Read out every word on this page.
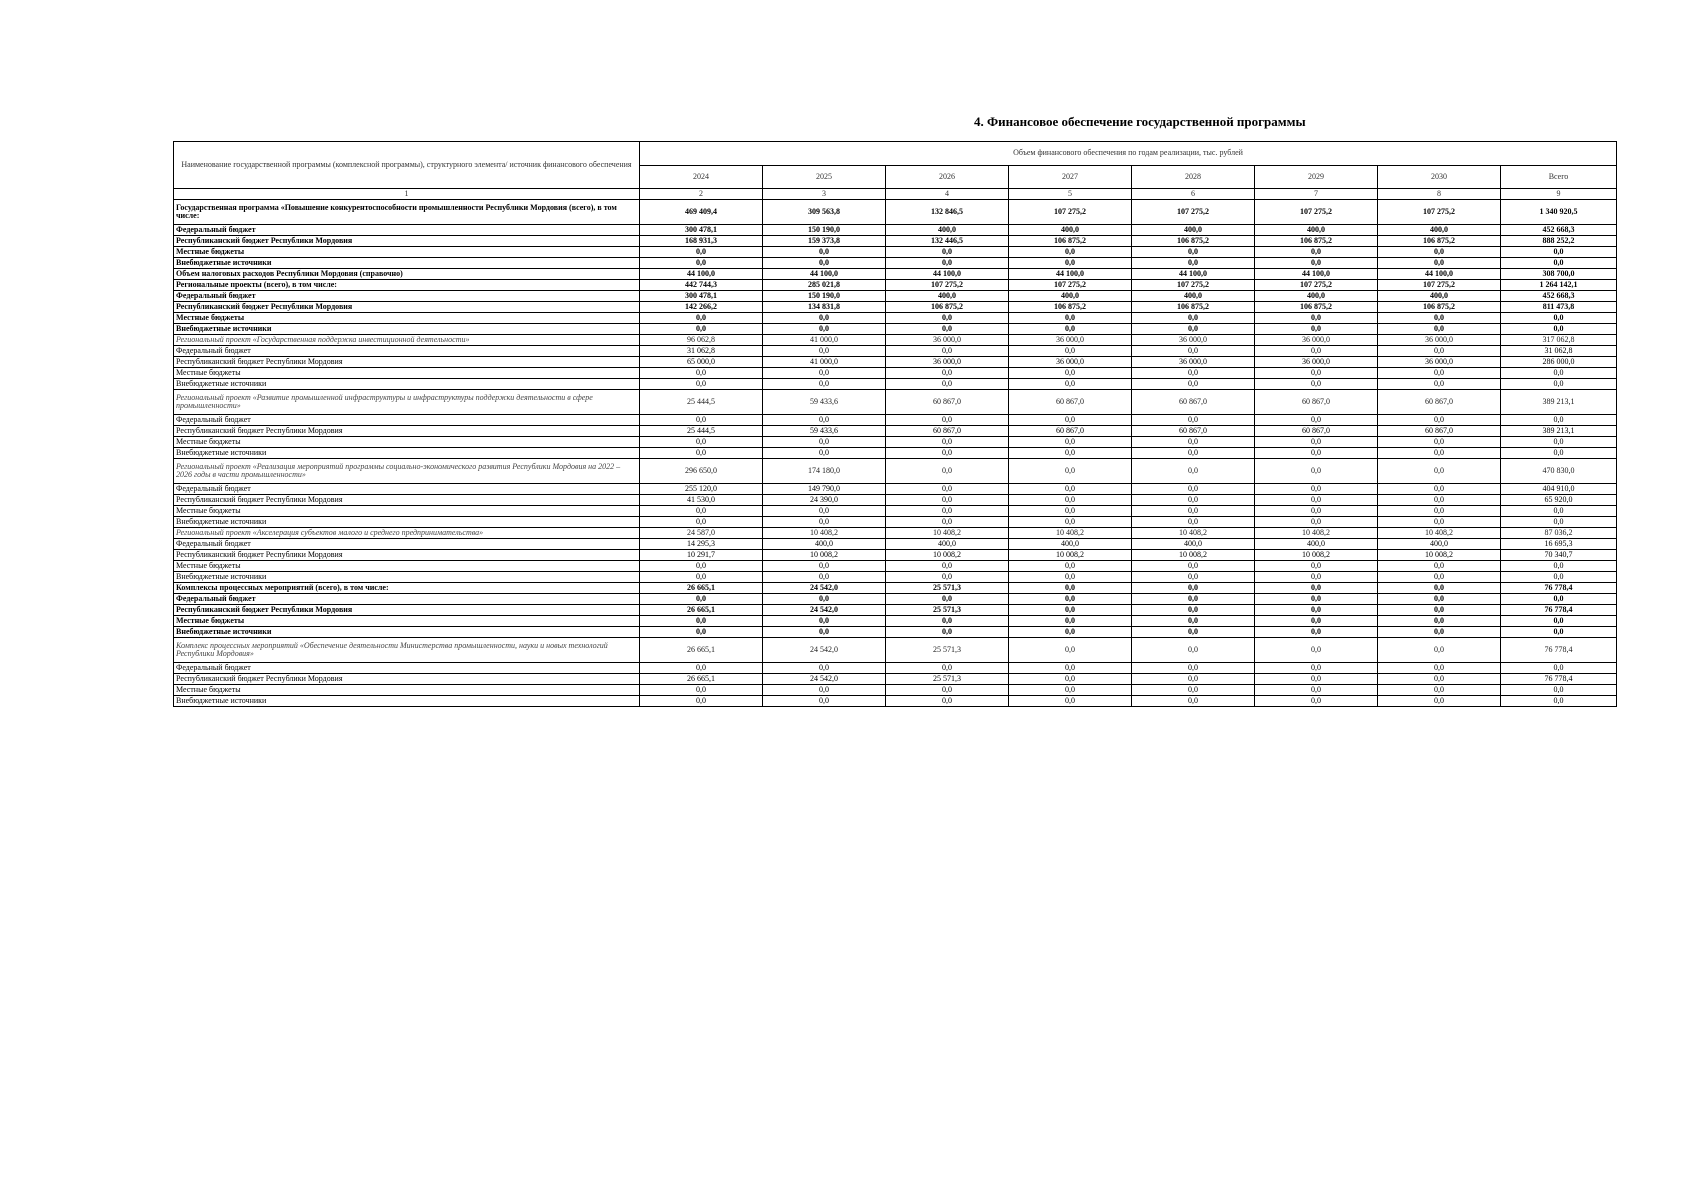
4. Финансовое обеспечение государственной программы
Наименование государственной программы (комплексной программы), структурного элемента/ источник финансового обеспечения	Объем финансового обеспечения по годам реализации, тыс. рублей							
	2024	2025	2026	2027	2028	2029	2030	Всего
1	2	3	4	5	6	7	8	9
Государственная программа «Повышение конкурентоспособности промышленности Республики Мордовия (всего), в том числе:	469 409,4	309 563,8	132 846,5	107 275,2	107 275,2	107 275,2	107 275,2	1 340 920,5
Федеральный бюджет	300 478,1	150 190,0	400,0	400,0	400,0	400,0	400,0	452 668,3
Республиканский бюджет Республики Мордовия	168 931,3	159 373,8	132 446,5	106 875,2	106 875,2	106 875,2	106 875,2	888 252,2
Местные бюджеты	0,0	0,0	0,0	0,0	0,0	0,0	0,0	0,0
Внебюджетные источники	0,0	0,0	0,0	0,0	0,0	0,0	0,0	0,0
Объем налоговых расходов Республики Мордовия (справочно)	44 100,0	44 100,0	44 100,0	44 100,0	44 100,0	44 100,0	44 100,0	308 700,0
Региональные проекты (всего), в том числе:	442 744,3	285 021,8	107 275,2	107 275,2	107 275,2	107 275,2	107 275,2	1 264 142,1
Федеральный бюджет	300 478,1	150 190,0	400,0	400,0	400,0	400,0	400,0	452 668,3
Республиканский бюджет Республики Мордовия	142 266,2	134 831,8	106 875,2	106 875,2	106 875,2	106 875,2	106 875,2	811 473,8
Местные бюджеты	0,0	0,0	0,0	0,0	0,0	0,0	0,0	0,0
Внебюджетные источники	0,0	0,0	0,0	0,0	0,0	0,0	0,0	0,0
Региональный проект «Государственная поддержка инвестиционной деятельности»	96 062,8	41 000,0	36 000,0	36 000,0	36 000,0	36 000,0	36 000,0	317 062,8
Федеральный бюджет	31 062,8	0,0	0,0	0,0	0,0	0,0	0,0	31 062,8
Республиканский бюджет Республики Мордовия	65 000,0	41 000,0	36 000,0	36 000,0	36 000,0	36 000,0	36 000,0	286 000,0
Местные бюджеты	0,0	0,0	0,0	0,0	0,0	0,0	0,0	0,0
Внебюджетные источники	0,0	0,0	0,0	0,0	0,0	0,0	0,0	0,0
Региональный проект «Развитие промышленной инфраструктуры и инфраструктуры поддержки деятельности в сфере промышленности»	25 444,5	59 433,6	60 867,0	60 867,0	60 867,0	60 867,0	60 867,0	389 213,1
Федеральный бюджет	0,0	0,0	0,0	0,0	0,0	0,0	0,0	0,0
Республиканский бюджет Республики Мордовия	25 444,5	59 433,6	60 867,0	60 867,0	60 867,0	60 867,0	60 867,0	389 213,1
Местные бюджеты	0,0	0,0	0,0	0,0	0,0	0,0	0,0	0,0
Внебюджетные источники	0,0	0,0	0,0	0,0	0,0	0,0	0,0	0,0
Региональный проект «Реализация мероприятий программы социально-экономического развития Республики Мордовия на 2022 – 2026 годы в части промышленности»	296 650,0	174 180,0	0,0	0,0	0,0	0,0	0,0	470 830,0
Федеральный бюджет	255 120,0	149 790,0	0,0	0,0	0,0	0,0	0,0	404 910,0
Республиканский бюджет Республики Мордовия	41 530,0	24 390,0	0,0	0,0	0,0	0,0	0,0	65 920,0
Местные бюджеты	0,0	0,0	0,0	0,0	0,0	0,0	0,0	0,0
Внебюджетные источники	0,0	0,0	0,0	0,0	0,0	0,0	0,0	0,0
Региональный проект «Акселерация субъектов малого и среднего предпринимательства»	24 587,0	10 408,2	10 408,2	10 408,2	10 408,2	10 408,2	10 408,2	87 036,2
Федеральный бюджет	14 295,3	400,0	400,0	400,0	400,0	400,0	400,0	16 695,3
Республиканский бюджет Республики Мордовия	10 291,7	10 008,2	10 008,2	10 008,2	10 008,2	10 008,2	10 008,2	70 340,7
Местные бюджеты	0,0	0,0	0,0	0,0	0,0	0,0	0,0	0,0
Внебюджетные источники	0,0	0,0	0,0	0,0	0,0	0,0	0,0	0,0
Комплексы процессных мероприятий (всего), в том числе:	26 665,1	24 542,0	25 571,3	0,0	0,0	0,0	0,0	76 778,4
Федеральный бюджет	0,0	0,0	0,0	0,0	0,0	0,0	0,0	0,0
Республиканский бюджет Республики Мордовия	26 665,1	24 542,0	25 571,3	0,0	0,0	0,0	0,0	76 778,4
Местные бюджеты	0,0	0,0	0,0	0,0	0,0	0,0	0,0	0,0
Внебюджетные источники	0,0	0,0	0,0	0,0	0,0	0,0	0,0	0,0
Комплекс процессных мероприятий «Обеспечение деятельности Министерства промышленности, науки и новых технологий Республики Мордовия»	26 665,1	24 542,0	25 571,3	0,0	0,0	0,0	0,0	76 778,4
Федеральный бюджет	0,0	0,0	0,0	0,0	0,0	0,0	0,0	0,0
Республиканский бюджет Республики Мордовия	26 665,1	24 542,0	25 571,3	0,0	0,0	0,0	0,0	76 778,4
Местные бюджеты	0,0	0,0	0,0	0,0	0,0	0,0	0,0	0,0
Внебюджетные источники	0,0	0,0	0,0	0,0	0,0	0,0	0,0	0,0
